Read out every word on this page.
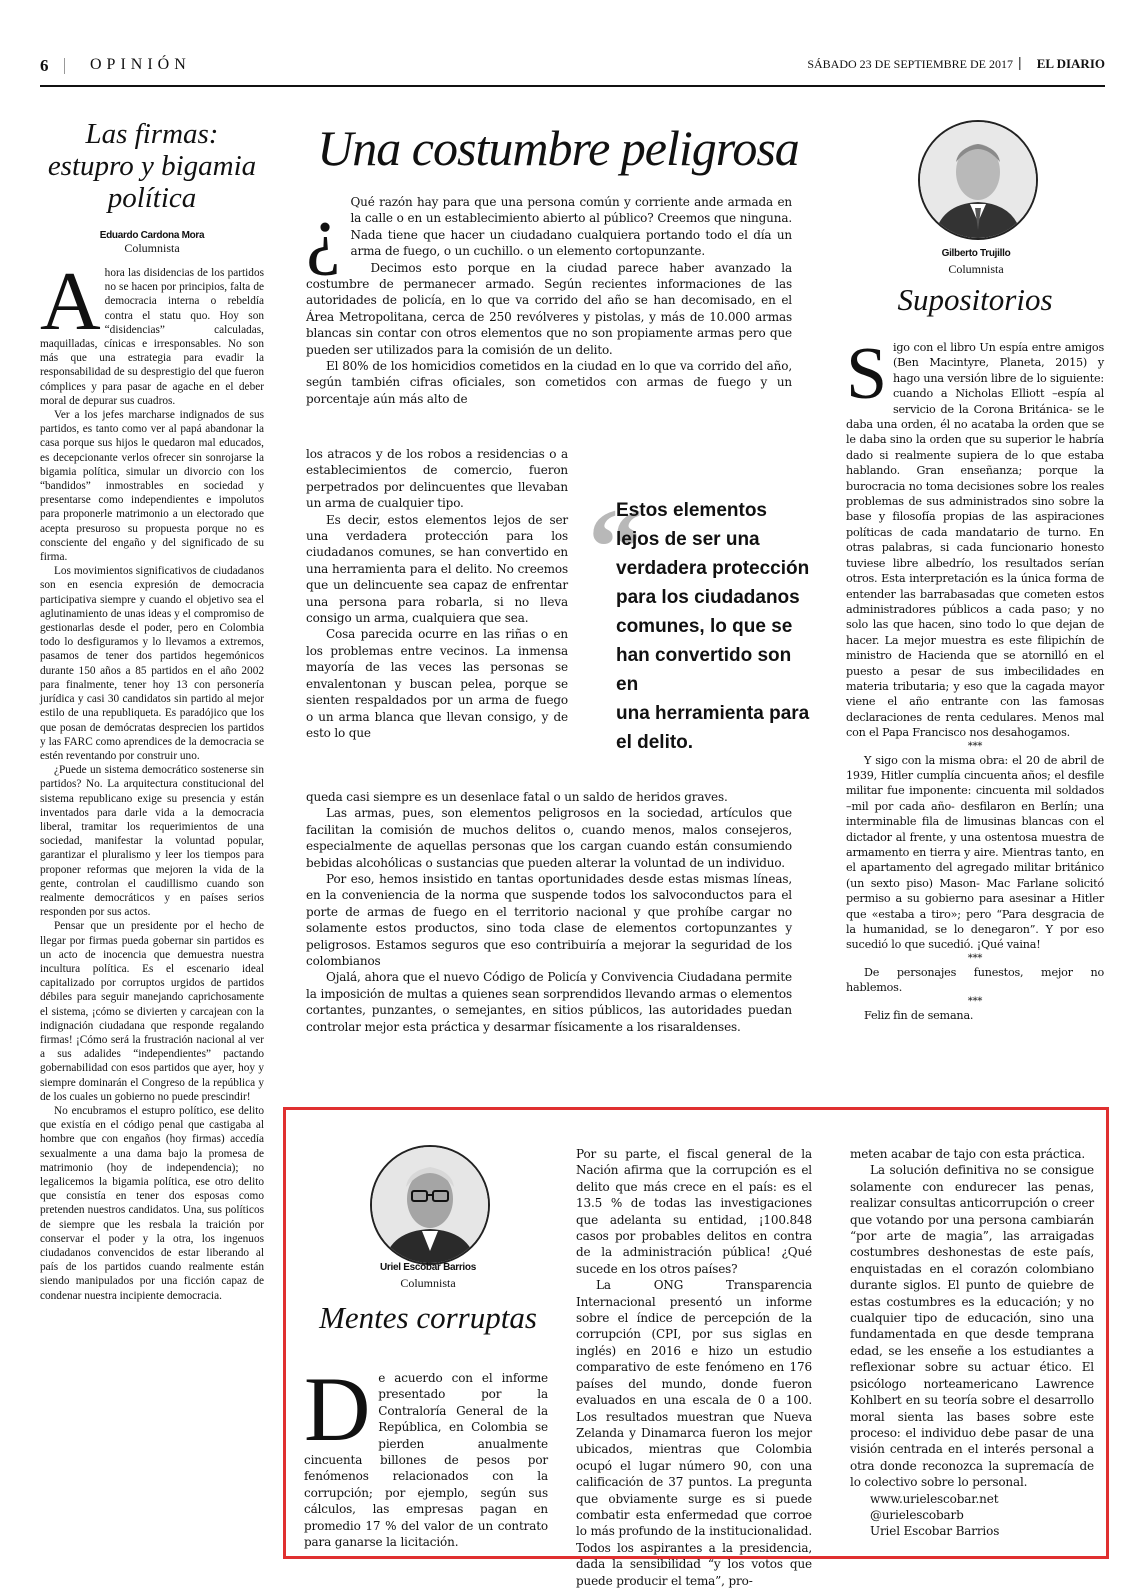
6	OPINIÓN	SÁBADO 23 DE SEPTIEMBRE DE 2017 | EL DIARIO
Las firmas:
estupro y bigamia
política
Eduardo Cardona Mora
Columnista

Ahora las disidencias de los partidos no se hacen por principios, falta de democracia interna o rebeldía contra el statu quo. Hoy son “disidencias” calculadas, maquilladas, cínicas e irresponsables. No son más que una estrategia para evadir la responsabilidad de su desprestigio del que fueron cómplices y para pasar de agache en el deber moral de depurar sus cuadros.

Ver a los jefes marcharse indignados de sus partidos, es tanto como ver al papá abandonar la casa porque sus hijos le quedaron mal educados, es decepcionante verlos ofrecer sin sonrojarse la bigamia política, simular un divorcio con los “bandidos” inmostrables en sociedad y presentarse como independientes e impolutos para proponerle matrimonio a un electorado que acepta presuroso su propuesta porque no es consciente del engaño y del significado de su firma.

Los movimientos significativos de ciudadanos son en esencia expresión de democracia participativa siempre y cuando el objetivo sea el aglutinamiento de unas ideas y el compromiso de gestionarlas desde el poder, pero en Colombia todo lo desfiguramos y lo llevamos a extremos, pasamos de tener dos partidos hegemónicos durante 150 años a 85 partidos en el año 2002 para finalmente, tener hoy 13 con personería jurídica y casi 30 candidatos sin partido al mejor estilo de una republiqueta. Es paradójico que los que posan de demócratas desprecien los partidos y las FARC como aprendices de la democracia se estén reventando por construir uno.

¿Puede un sistema democrático sostenerse sin partidos? No. La arquitectura constitucional del sistema republicano exige su presencia y están inventados para darle vida a la democracia liberal, tramitar los requerimientos de una sociedad, manifestar la voluntad popular, garantizar el pluralismo y leer los tiempos para proponer reformas que mejoren la vida de la gente, controlan el caudillismo cuando son realmente democráticos y en países serios responden por sus actos.

Pensar que un presidente por el hecho de llegar por firmas pueda gobernar sin partidos es un acto de inocencia que demuestra nuestra incultura política. Es el escenario ideal capitalizado por corruptos urgidos de partidos débiles para seguir manejando caprichosamente el sistema, ¡cómo se divierten y carcajean con la indignación ciudadana que responde regalando firmas! ¡Cómo será la frustración nacional al ver a sus adalides “independientes” pactando gobernabilidad con esos partidos que ayer, hoy y siempre dominarán el Congreso de la república y de los cuales un gobierno no puede prescindir!

No encubramos el estupro político, ese delito que existía en el código penal que castigaba al hombre que con engaños (hoy firmas) accedía sexualmente a una dama bajo la promesa de matrimonio (hoy de independencia); no legalicemos la bigamia política, ese otro delito que consistía en tener dos esposas como pretenden nuestros candidatos. Una, sus políticos de siempre que les resbala la traición por conservar el poder y la otra, los ingenuos ciudadanos convencidos de estar liberando al país de los partidos cuando realmente están siendo manipulados por una ficción capaz de condenar nuestra incipiente democracia.

Una costumbre peligrosa

¿ Qué razón hay para que una persona común y corriente ande armada en la calle o en un establecimiento abierto al público? Creemos que ninguna. Nada tiene que hacer un ciudadano cualquiera portando todo el día un arma de fuego, o un cuchillo. o un elemento cortopunzante.

Decimos esto porque en la ciudad parece haber avanzado la costumbre de permanecer armado. Según recientes informaciones de las autoridades de policía, en lo que va corrido del año se han decomisado, en el Área Metropolitana, cerca de 250 revólveres y pistolas, y más de 10.000 armas blancas sin contar con otros elementos que no son propiamente armas pero que pueden ser utilizados para la comisión de un delito.

El 80% de los homicidios cometidos en la ciudad en lo que va corrido del año, según también cifras oficiales, son cometidos con armas de fuego y un porcentaje aún más alto de

los atracos y de los robos a residencias o a establecimientos de comercio, fueron perpetrados por delincuentes que llevaban un arma de cualquier tipo.

Es decir, estos elementos lejos de ser una verdadera protección para los ciudadanos comunes, se han convertido en una herramienta para el delito. No creemos que un delincuente sea capaz de enfrentar una persona para robarla, si no lleva consigo un arma, cualquiera que sea.

Cosa parecida ocurre en las riñas o en los problemas entre vecinos. La inmensa mayoría de las veces las personas se envalentonan y buscan pelea, porque se sienten respaldados por un arma de fuego o un arma blanca que llevan consigo, y de esto lo que

queda casi siempre es un desenlace fatal o un saldo de heridos graves.

Las armas, pues, son elementos peligrosos en la sociedad, artículos que facilitan la comisión de muchos delitos o, cuando menos, malos consejeros, especialmente de aquellas personas que los cargan cuando están consumiendo bebidas alcohólicas o sustancias que pueden alterar la voluntad de un individuo.

Por eso, hemos insistido en tantas oportunidades desde estas mismas líneas, en la conveniencia de la norma que suspende todos los salvoconductos para el porte de armas de fuego en el territorio nacional y que prohíbe cargar no solamente estos productos, sino toda clase de elementos cortopunzantes y peligrosos. Estamos seguros que eso contribuiría a mejorar la seguridad de los colombianos

Ojalá, ahora que el nuevo Código de Policía y Convivencia Ciudadana permite la imposición de multas a quienes sean sorprendidos llevando armas o elementos cortantes, punzantes, o semejantes, en sitios públicos, las autoridades puedan controlar mejor esta práctica y desarmar físicamente a los risaraldenses.

“
Estos elementos
lejos de ser una
verdadera protección
para los ciudadanos
comunes, lo que se
han convertido son en
una herramienta para
el delito.
Gilberto Trujillo
Columnista
Supositorios

Sigo con el libro Un espía entre amigos (Ben Macintyre, Planeta, 2015) y hago una versión libre de lo siguiente: cuando a Nicholas Elliott –espía al servicio de la Corona Británica- se le daba una orden, él no acataba la orden que se le daba sino la orden que su superior le habría dado si realmente supiera de lo que estaba hablando. Gran enseñanza; porque la burocracia no toma decisiones sobre los reales problemas de sus administrados sino sobre la base y filosofía propias de las aspiraciones políticas de cada mandatario de turno. En otras palabras, si cada funcionario honesto tuviese libre albedrío, los resultados serían otros. Esta interpretación es la única forma de entender las barrabasadas que cometen estos administradores públicos a cada paso; y no solo las que hacen, sino todo lo que dejan de hacer. La mejor muestra es este filipichín de ministro de Hacienda que se atornilló en el puesto a pesar de sus imbecilidades en materia tributaria; y eso que la cagada mayor viene el año entrante con las famosas declaraciones de renta cedulares. Menos mal con el Papa Francisco nos desahogamos.

***

Y sigo con la misma obra: el 20 de abril de 1939, Hitler cumplía cincuenta años; el desfile militar fue imponente: cincuenta mil soldados –mil por cada año- desfilaron en Berlín; una interminable fila de limusinas blancas con el dictador al frente, y una ostentosa muestra de armamento en tierra y aire. Mientras tanto, en el apartamento del agregado militar británico (un sexto piso) Mason- Mac Farlane solicitó permiso a su gobierno para asesinar a Hitler que «estaba a tiro»; pero “Para desgracia de la humanidad, se lo denegaron”. Y por eso sucedió lo que sucedió. ¡Qué vaina!

***

De personajes funestos, mejor no hablemos.

***

Feliz fin de semana.

Uriel Escobar Barrios
Columnista
Mentes corruptas

De acuerdo con el informe presentado por la Contraloría General de la República, en Colombia se pierden anualmente cincuenta billones de pesos por fenómenos relacionados con la corrupción; por ejemplo, según sus cálculos, las empresas pagan en promedio 17 % del valor de un contrato para ganarse la licitación.

Por su parte, el fiscal general de la Nación afirma que la corrupción es el delito que más crece en el país: es el 13.5 % de todas las investigaciones que adelanta su entidad, ¡100.848 casos por probables delitos en contra de la administración pública! ¿Qué sucede en los otros países?

La ONG Transparencia Internacional presentó un informe sobre el índice de percepción de la corrupción (CPI, por sus siglas en inglés) en 2016 e hizo un estudio comparativo de este fenómeno en 176 países del mundo, donde fueron evaluados en una escala de 0 a 100. Los resultados muestran que Nueva Zelanda y Dinamarca fueron los mejor ubicados, mientras que Colombia ocupó el lugar número 90, con una calificación de 37 puntos. La pregunta que obviamente surge es si puede combatir esta enfermedad que corroe lo más profundo de la institucionalidad. Todos los aspirantes a la presidencia, dada la sensibilidad “y los votos que puede producir el tema”, pro-

meten acabar de tajo con esta práctica.

La solución definitiva no se consigue solamente con endurecer las penas, realizar consultas anticorrupción o creer que votando por una persona cambiarán “por arte de magia”, las arraigadas costumbres deshonestas de este país, enquistadas en el corazón colombiano durante siglos. El punto de quiebre de estas costumbres es la educación; y no cualquier tipo de educación, sino una fundamentada en que desde temprana edad, se les enseñe a los estudiantes a reflexionar sobre su actuar ético. El psicólogo norteamericano Lawrence Kohlbert en su teoría sobre el desarrollo moral sienta las bases sobre este proceso: el individuo debe pasar de una visión centrada en el interés personal a otra donde reconozca la supremacía de lo colectivo sobre lo personal.

www.urielescobar.net

@urielescobarb

Uriel Escobar Barrios
